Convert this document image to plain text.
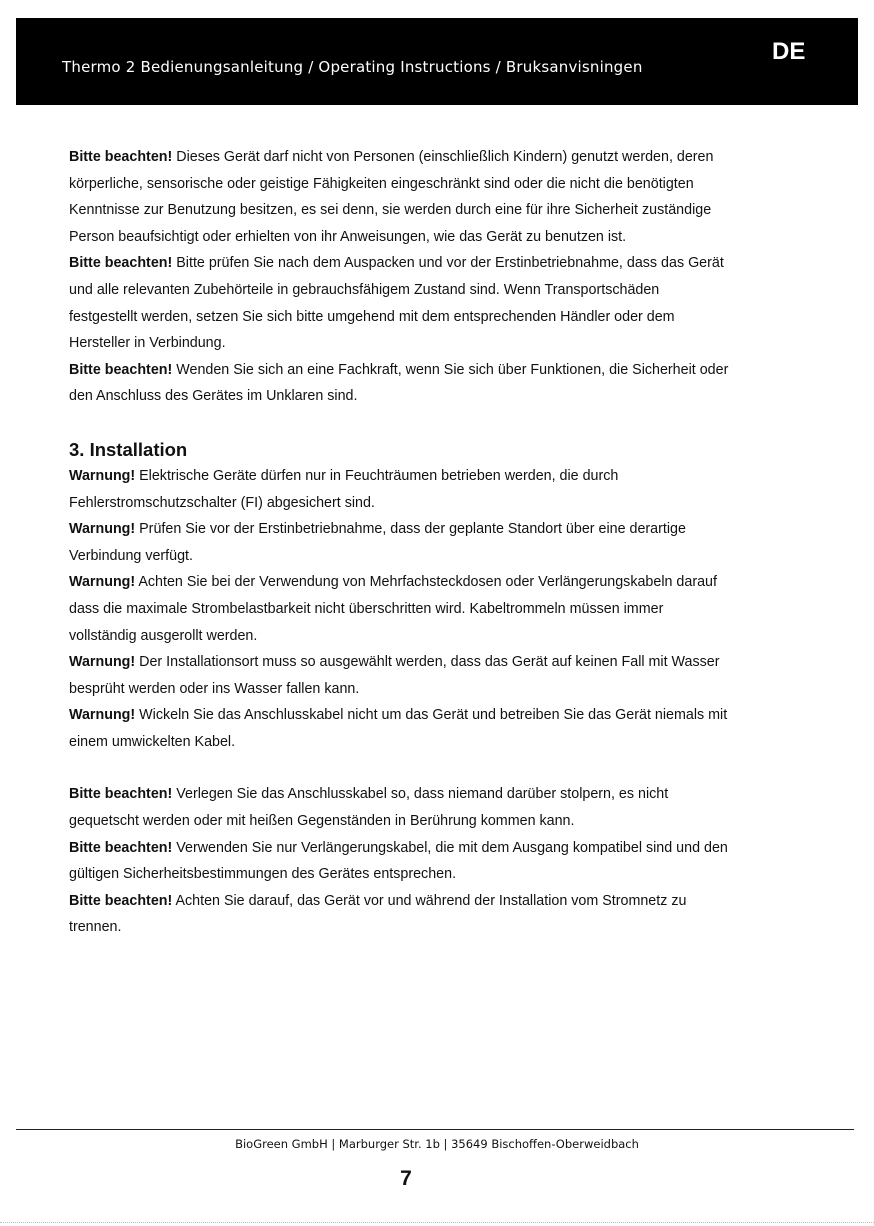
Thermo 2 Bedienungsanleitung / Operating Instructions / Bruksanvisningen
DE

Bitte beachten! Dieses Gerät darf nicht von Personen (einschließlich Kindern) genutzt werden, deren
körperliche, sensorische oder geistige Fähigkeiten eingeschränkt sind oder die nicht die benötigten
Kenntnisse zur Benutzung besitzen, es sei denn, sie werden durch eine für ihre Sicherheit zuständige
Person beaufsichtigt oder erhielten von ihr Anweisungen, wie das Gerät zu benutzen ist.

Bitte beachten! Bitte prüfen Sie nach dem Auspacken und vor der Erstinbetriebnahme, dass das Gerät
und alle relevanten Zubehörteile in gebrauchsfähigem Zustand sind. Wenn Transportschäden
festgestellt werden, setzen Sie sich bitte umgehend mit dem entsprechenden Händler oder dem
Hersteller in Verbindung.

Bitte beachten! Wenden Sie sich an eine Fachkraft, wenn Sie sich über Funktionen, die Sicherheit oder
den Anschluss des Gerätes im Unklaren sind.

3. Installation

Warnung! Elektrische Geräte dürfen nur in Feuchträumen betrieben werden, die durch
Fehlerstromschutzschalter (FI) abgesichert sind.

Warnung! Prüfen Sie vor der Erstinbetriebnahme, dass der geplante Standort über eine derartige
Verbindung verfügt.

Warnung! Achten Sie bei der Verwendung von Mehrfachsteckdosen oder Verlängerungskabeln darauf
dass die maximale Strombelastbarkeit nicht überschritten wird. Kabeltrommeln müssen immer
vollständig ausgerollt werden.

Warnung! Der Installationsort muss so ausgewählt werden, dass das Gerät auf keinen Fall mit Wasser
besprüht werden oder ins Wasser fallen kann.

Warnung! Wickeln Sie das Anschlusskabel nicht um das Gerät und betreiben Sie das Gerät niemals mit
einem umwickelten Kabel.

Bitte beachten! Verlegen Sie das Anschlusskabel so, dass niemand darüber stolpern, es nicht
gequetscht werden oder mit heißen Gegenständen in Berührung kommen kann.

Bitte beachten! Verwenden Sie nur Verlängerungskabel, die mit dem Ausgang kompatibel sind und den
gültigen Sicherheitsbestimmungen des Gerätes entsprechen.

Bitte beachten! Achten Sie darauf, das Gerät vor und während der Installation vom Stromnetz zu
trennen.

BioGreen GmbH | Marburger Str. 1b | 35649 Bischoffen-Oberweidbach
7
